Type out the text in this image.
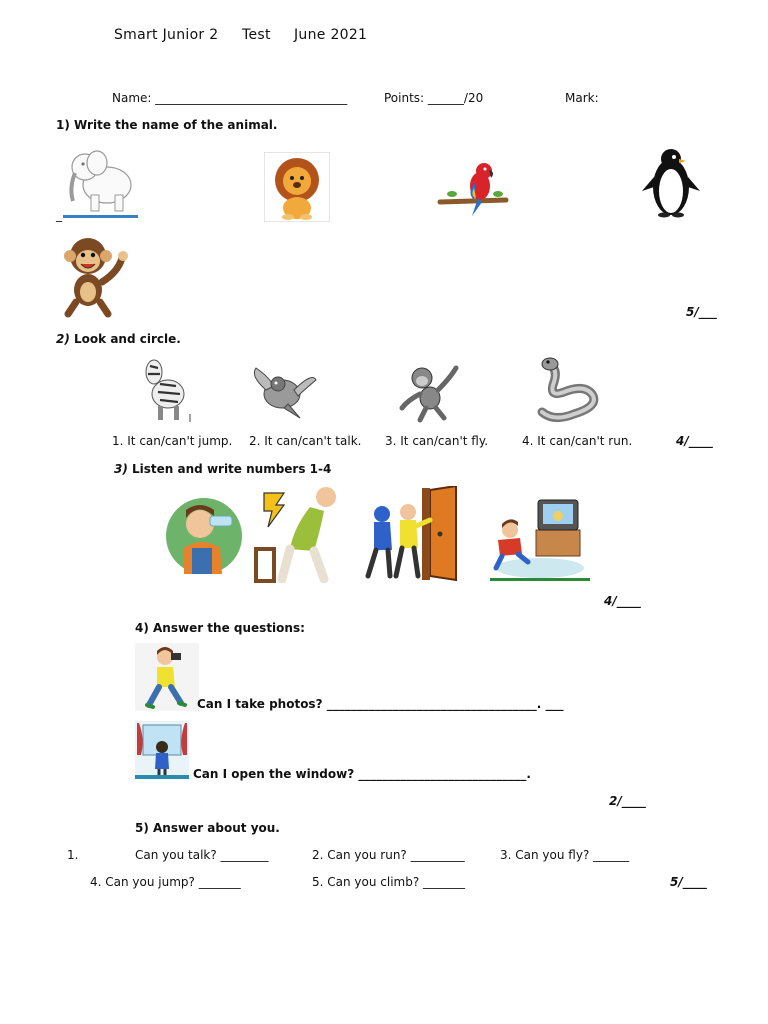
Smart Junior 2 Test June 2021
Name: ________________________________	Points: ______/20	Mark:
1) Write the name of the animal.
_
5/___
2) Look and circle.
1. It can/can't jump. 2. It can/can't talk. 3. It can/can't fly.	4. It can/can't run.	4/____
3) Listen and write numbers 1-4
4/____
4) Answer the questions:
Can I take photos? ___________________________________. ___
Can I open the window? ____________________________.
2/____
5) Answer about you.
1.	Can you talk? ________	2. Can you run? _________	3. Can you fly? ______
4. Can you jump? _______	5. Can you climb? _______	5/____
